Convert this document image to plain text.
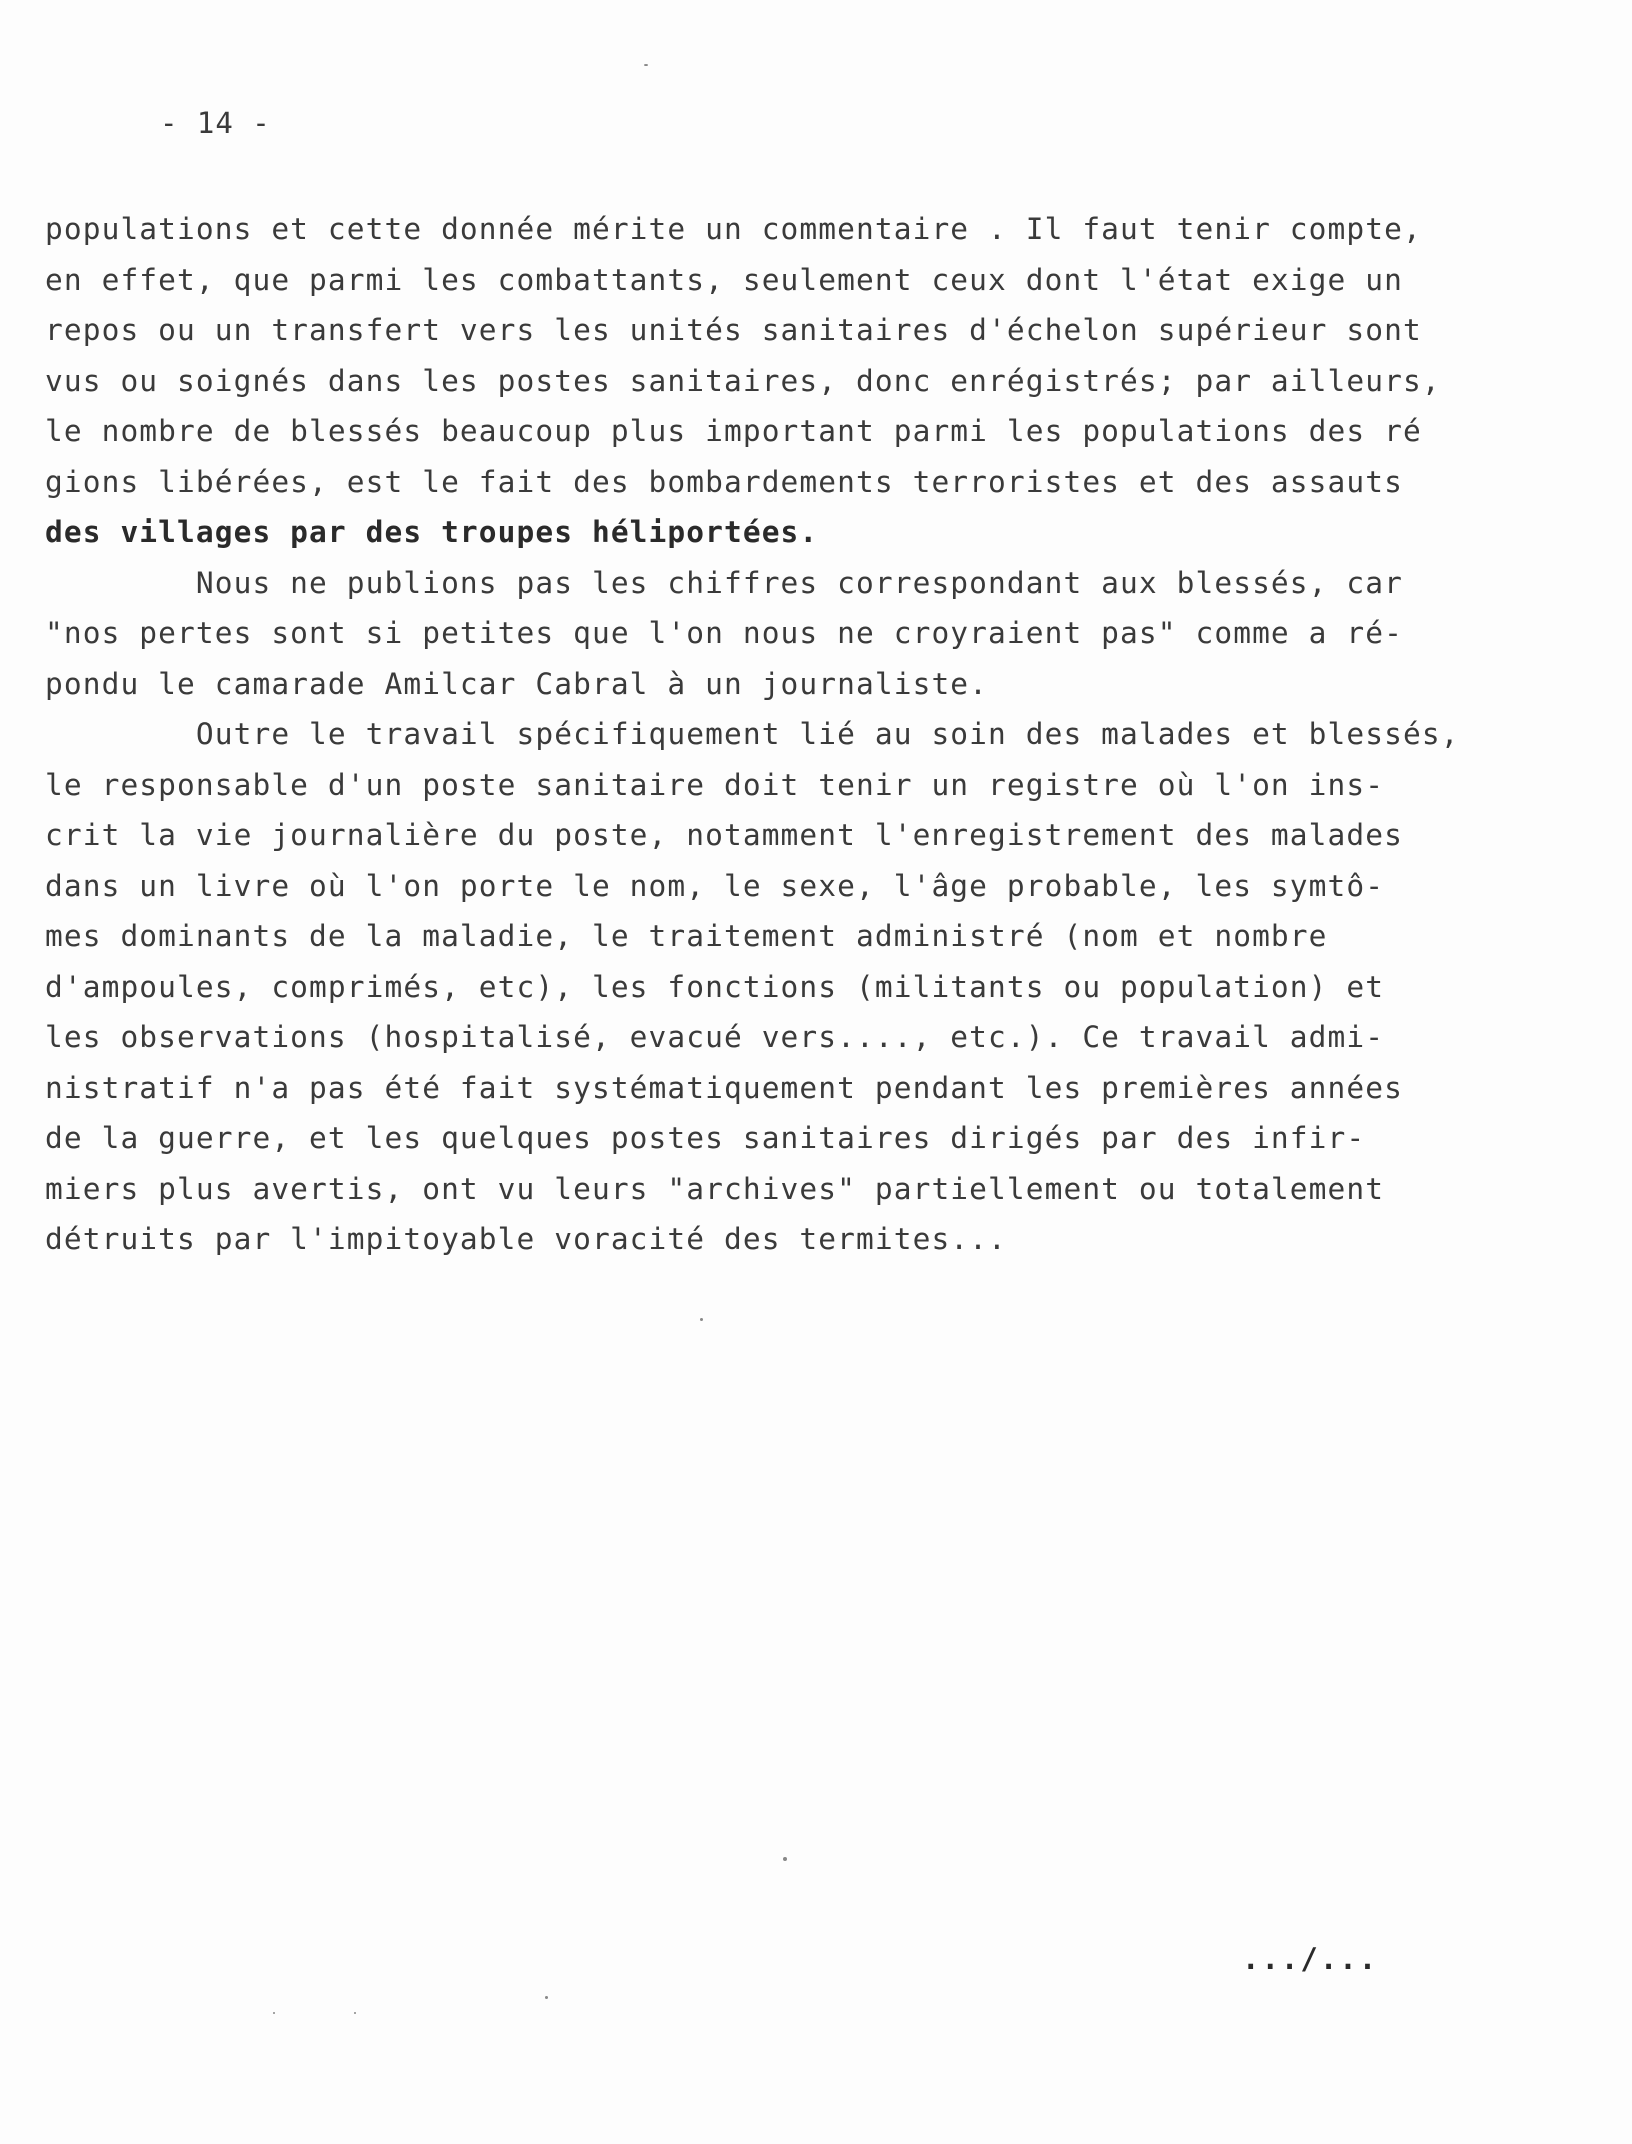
- 14 -
populations et cette donnée mérite un commentaire . Il faut tenir compte,
en effet, que parmi les combattants, seulement ceux dont l'état exige un
repos ou un transfert vers les unités sanitaires d'échelon supérieur sont
vus ou soignés dans les postes sanitaires, donc enrégistrés; par ailleurs,
le nombre de blessés beaucoup plus important parmi les populations des ré
gions libérées, est le fait des bombardements terroristes et des assauts
des villages par des troupes héliportées.
Nous ne publions pas les chiffres correspondant aux blessés, car
"nos pertes sont si petites que l'on nous ne croyraient pas" comme a ré-
pondu le camarade Amilcar Cabral à un journaliste.
Outre le travail spécifiquement lié au soin des malades et blessés,
le responsable d'un poste sanitaire doit tenir un registre où l'on ins-
crit la vie journalière du poste, notamment l'enregistrement des malades
dans un livre où l'on porte le nom, le sexe, l'âge probable, les symtô-
mes dominants de la maladie, le traitement administré (nom et nombre
d'ampoules, comprimés, etc), les fonctions (militants ou population) et
les observations (hospitalisé, evacué vers...., etc.). Ce travail admi-
nistratif n'a pas été fait systématiquement pendant les premières années
de la guerre, et les quelques postes sanitaires dirigés par des infir-
miers plus avertis, ont vu leurs "archives" partiellement ou totalement
détruits par l'impitoyable voracité des termites...
.../...
